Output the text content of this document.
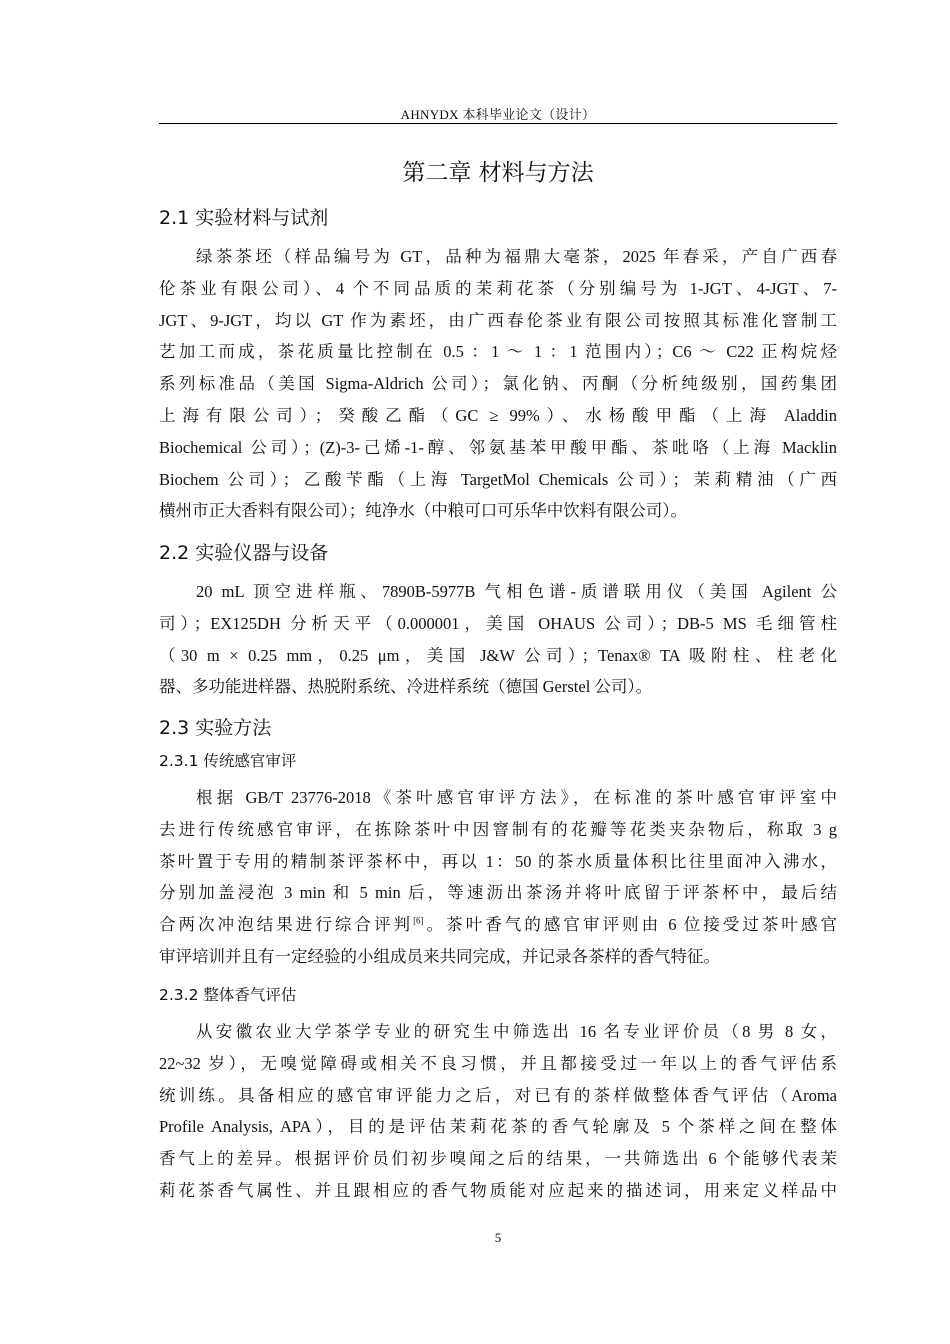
AHNYDX 本科毕业论文（设计）
第二章 材料与方法
2.1 实验材料与试剂

绿茶茶坯（样品编号为 GT，品种为福鼎大毫茶，2025 年春采，产自广西春
伦茶业有限公司）、4 个不同品质的茉莉花茶（分别编号为 1-JGT、4-JGT、7-
JGT、9-JGT，均以 GT 作为素坯，由广西春伦茶业有限公司按照其标准化窨制工
艺加工而成，茶花质量比控制在 0.5 ：1 ～ 1 ：1 范围内）；C6 ～ C22 正构烷烃
系列标准品（美国 Sigma-Aldrich 公司）；氯化钠、丙酮（分析纯级别，国药集团
上海有限公司）；癸酸乙酯（GC ≥ 99%）、水杨酸甲酯（上海 Aladdin
Biochemical 公司）；(Z)-3-己烯-1-醇、邻氨基苯甲酸甲酯、茶吡咯（上海 Macklin
Biochem 公司）；乙酸苄酯（上海 TargetMol Chemicals 公司）；茉莉精油（广西
横州市正大香料有限公司）；纯净水（中粮可口可乐华中饮料有限公司）。

2.2 实验仪器与设备

20 mL 顶空进样瓶、7890B-5977B 气相色谱-质谱联用仪（美国 Agilent 公
司）；EX125DH 分析天平（0.000001，美国 OHAUS 公司）；DB-5 MS 毛细管柱
（30 m × 0.25 mm，0.25 μm，美国 J&W 公司）；Tenax® TA 吸附柱、柱老化
器、多功能进样器、热脱附系统、冷进样系统（德国 Gerstel 公司）。

2.3 实验方法
2.3.1 传统感官审评

根据 GB/T 23776-2018《茶叶感官审评方法》，在标准的茶叶感官审评室中
去进行传统感官审评，在拣除茶叶中因窨制有的花瓣等花类夹杂物后，称取 3 g
茶叶置于专用的精制茶评茶杯中，再以 1：50 的茶水质量体积比往里面冲入沸水，
分别加盖浸泡 3 min 和 5 min 后，等速沥出茶汤并将叶底留于评茶杯中，最后结
合两次冲泡结果进行综合评判[6]。茶叶香气的感官审评则由 6 位接受过茶叶感官
审评培训并且有一定经验的小组成员来共同完成，并记录各茶样的香气特征。

2.3.2 整体香气评估

从安徽农业大学茶学专业的研究生中筛选出 16 名专业评价员（8 男 8 女，
22~32 岁），无嗅觉障碍或相关不良习惯，并且都接受过一年以上的香气评估系
统训练。具备相应的感官审评能力之后，对已有的茶样做整体香气评估（Aroma
Profile Analysis, APA），目的是评估茉莉花茶的香气轮廓及 5 个茶样之间在整体
香气上的差异。根据评价员们初步嗅闻之后的结果，一共筛选出 6 个能够代表茉
莉花茶香气属性、并且跟相应的香气物质能对应起来的描述词，用来定义样品中

5
